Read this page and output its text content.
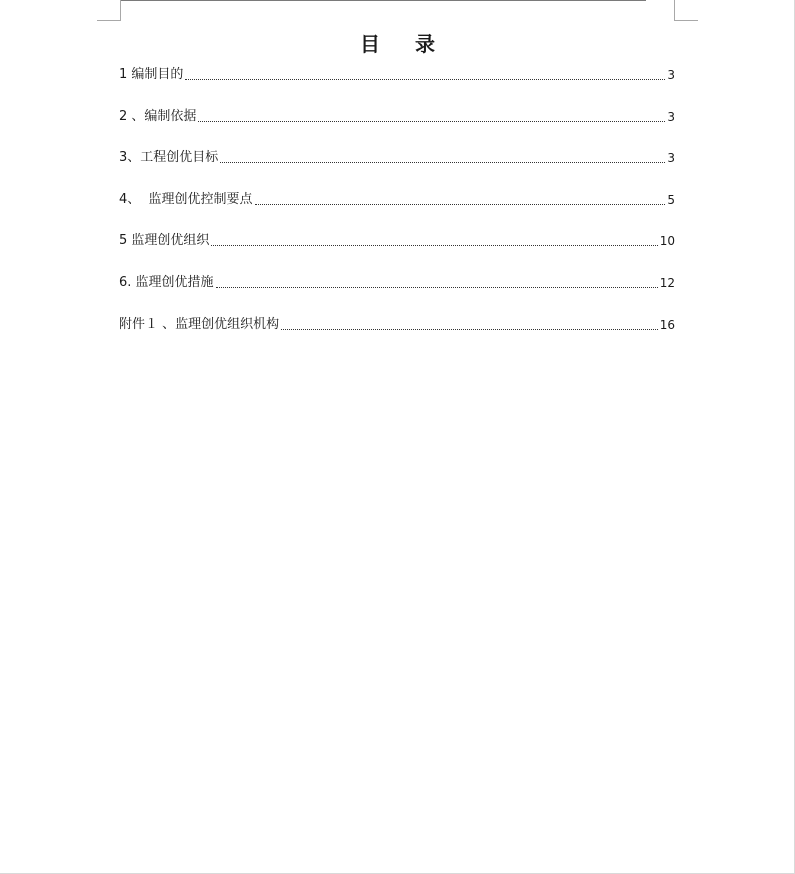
目 录
1 编制目的	3
2 、编制依据	3
3、工程创优目标	3
4、  监理创优控制要点	5
5 监理创优组织	10
6. 监理创优措施	12
附件１ 、监理创优组织机构	16
